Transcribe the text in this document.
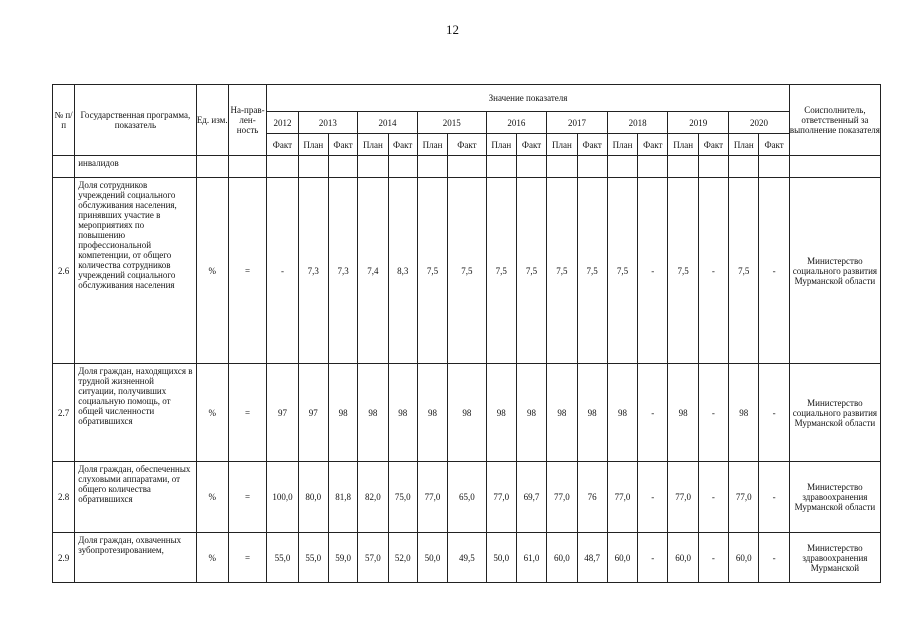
12
№ п/п	Государственная программа, показатель	Ед. изм.	На-прав-лен-ность	Значение показателя																	Соисполнитель, ответственный за выполнение показателя
				2012	2013		2014		2015		2016		2017		2018		2019		2020		
				Факт	План	Факт	План	Факт	План	Факт	План	Факт	План	Факт	План	Факт	План	Факт	План	Факт	
	инвалидов																				
2.6	Доля сотрудников учреждений социального обслуживания населения, принявших участие в мероприятиях по повышению профессиональной компетенции, от общего количества сотрудников учреждений социального обслуживания населения	%	=	-	7,3	7,3	7,4	8,3	7,5	7,5	7,5	7,5	7,5	7,5	7,5	-	7,5	-	7,5	-	Министерство социального развития Мурманской области
2.7	Доля граждан, находящихся в трудной жизненной ситуации, получивших социальную помощь, от общей численности обратившихся	%	=	97	97	98	98	98	98	98	98	98	98	98	98	-	98	-	98	-	Министерство социального развития Мурманской области
2.8	Доля граждан, обеспеченных слуховыми аппаратами, от общего количества обратившихся	%	=	100,0	80,0	81,8	82,0	75,0	77,0	65,0	77,0	69,7	77,0	76	77,0	-	77,0	-	77,0	-	Министерство здравоохранения Мурманской области
2.9	Доля граждан, охваченных зубопротезированием,	%	=	55,0	55,0	59,0	57,0	52,0	50,0	49,5	50,0	61,0	60,0	48,7	60,0	-	60,0	-	60,0	-	Министерство здравоохранения Мурманской
